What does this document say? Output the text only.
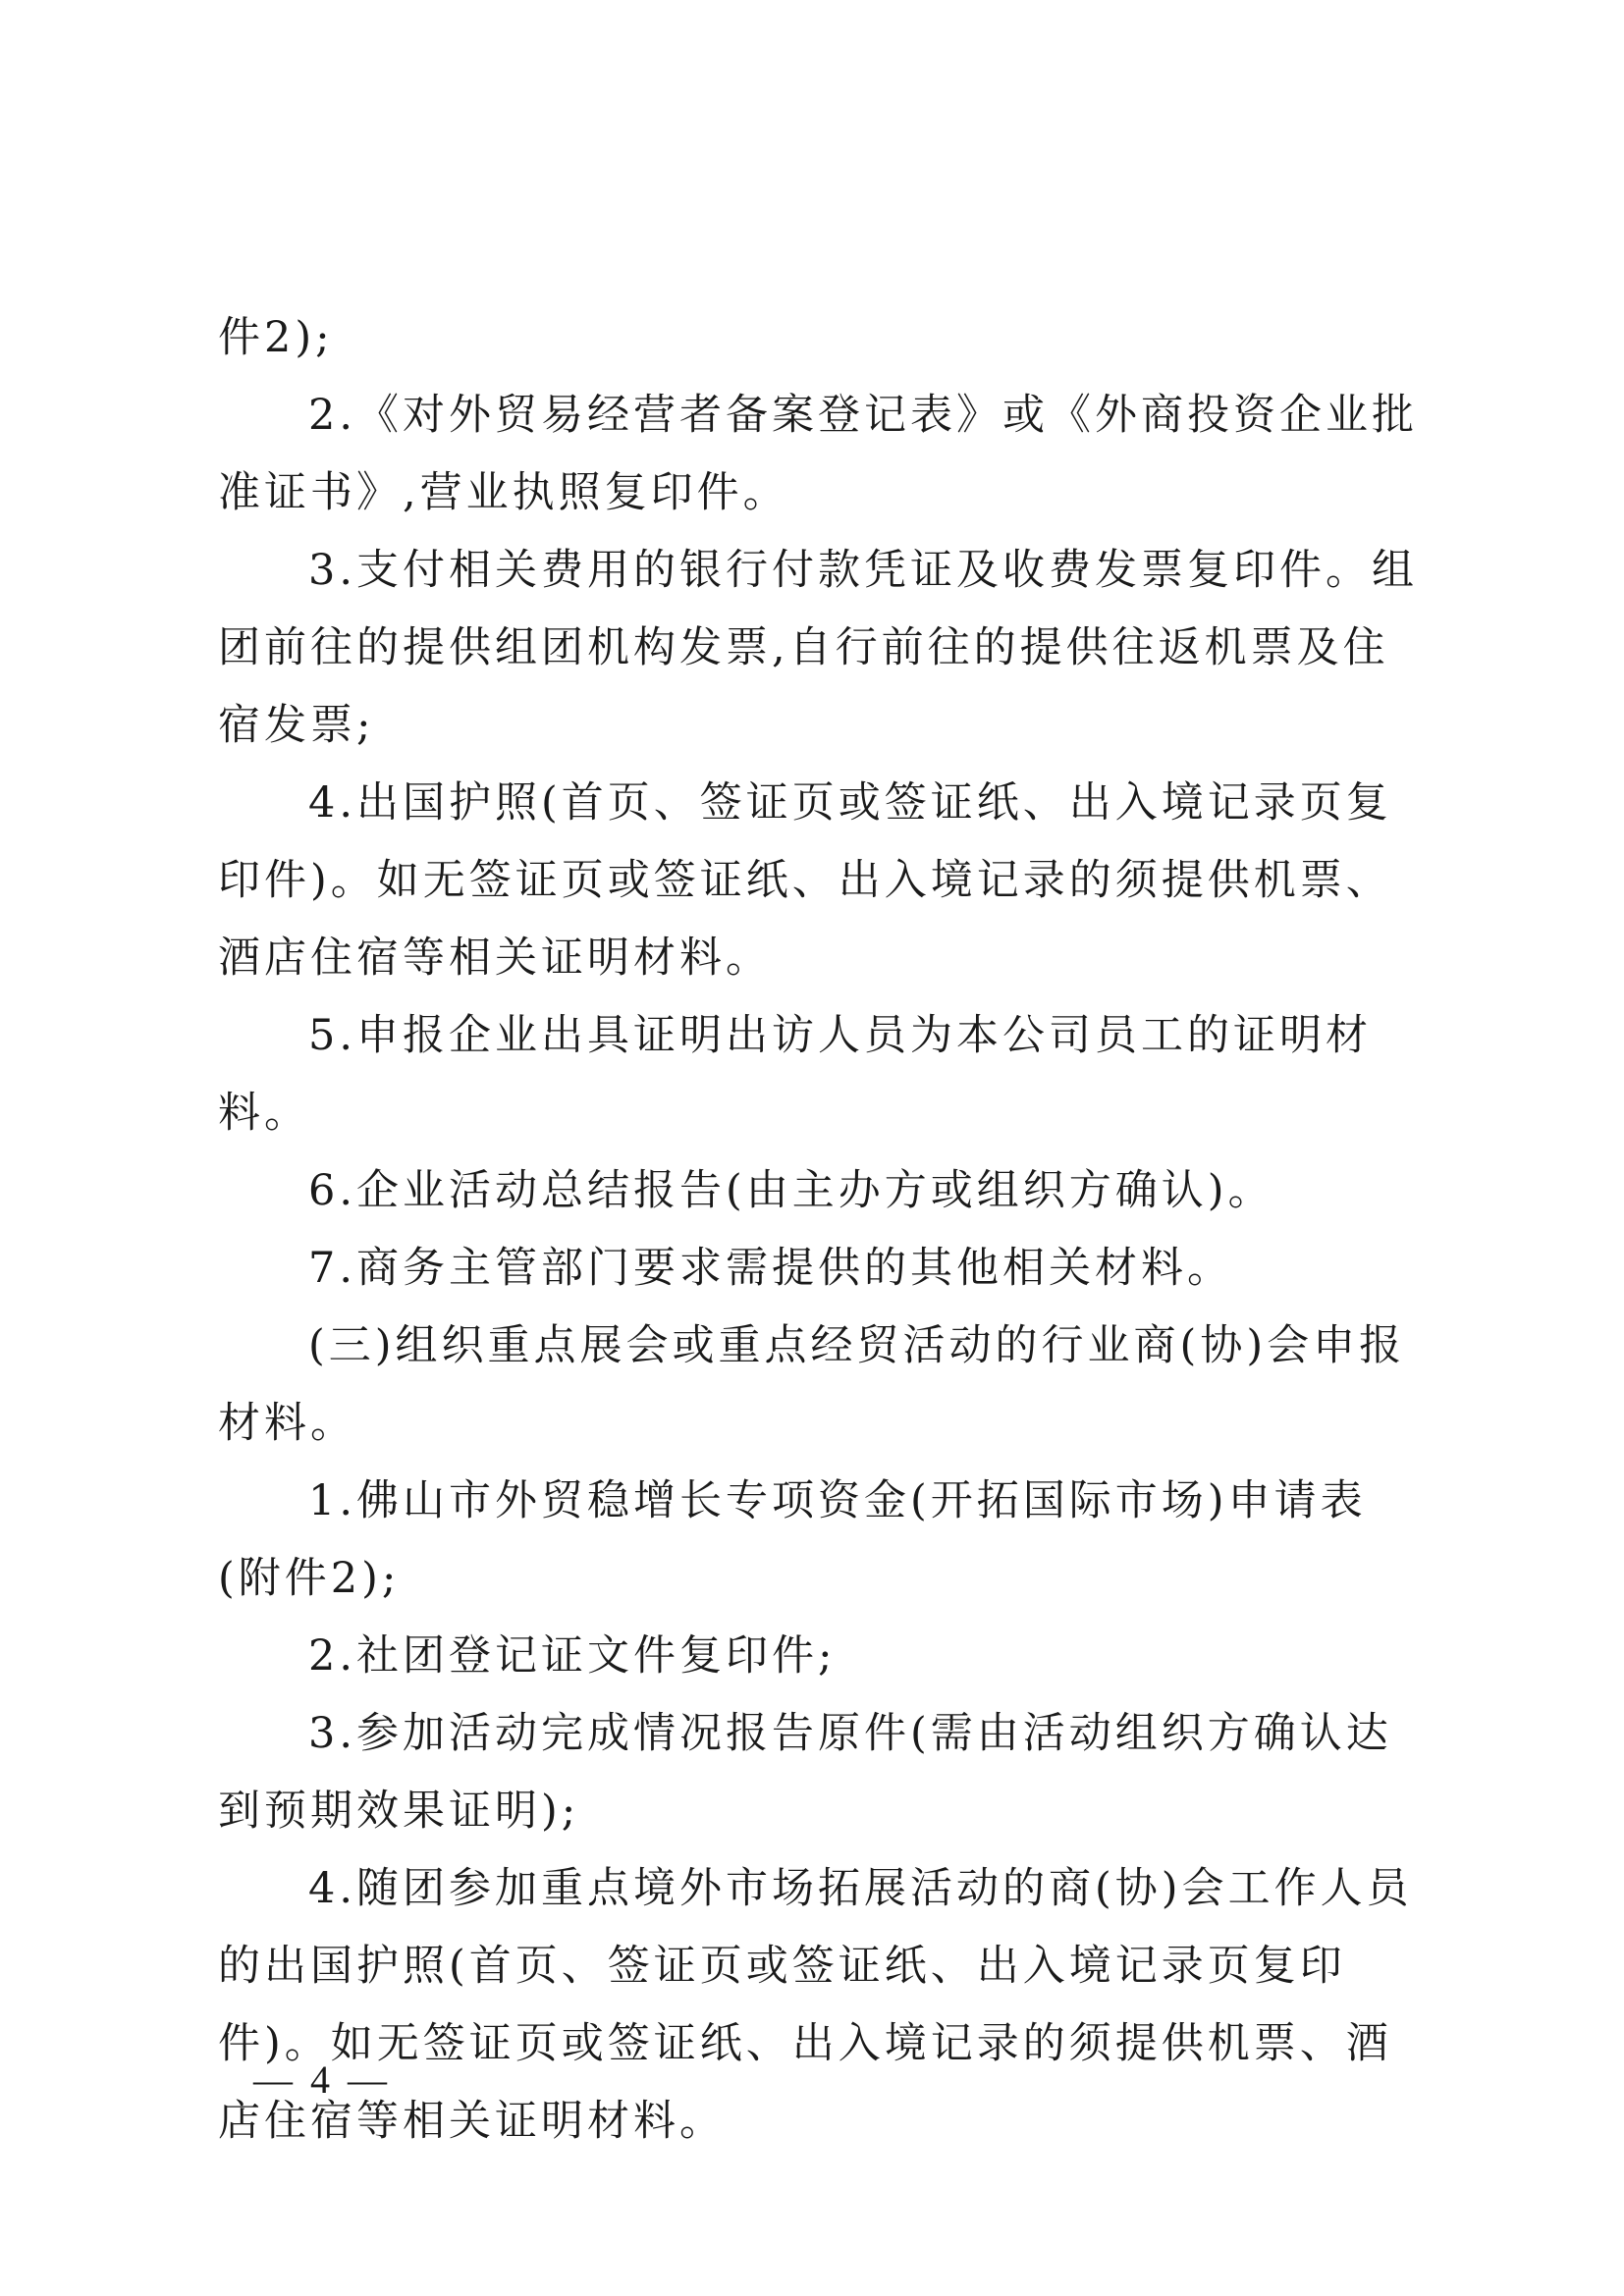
件2);

2.《对外贸易经营者备案登记表》或《外商投资企业批准证书》,营业执照复印件。

3.支付相关费用的银行付款凭证及收费发票复印件。组团前往的提供组团机构发票,自行前往的提供往返机票及住宿发票;

4.出国护照(首页、签证页或签证纸、出入境记录页复印件)。如无签证页或签证纸、出入境记录的须提供机票、酒店住宿等相关证明材料。

5.申报企业出具证明出访人员为本公司员工的证明材料。

6.企业活动总结报告(由主办方或组织方确认)。

7.商务主管部门要求需提供的其他相关材料。

(三)组织重点展会或重点经贸活动的行业商(协)会申报材料。

1.佛山市外贸稳增长专项资金(开拓国际市场)申请表(附件2);

2.社团登记证文件复印件;

3.参加活动完成情况报告原件(需由活动组织方确认达到预期效果证明);

4.随团参加重点境外市场拓展活动的商(协)会工作人员的出国护照(首页、签证页或签证纸、出入境记录页复印件)。如无签证页或签证纸、出入境记录的须提供机票、酒店住宿等相关证明材料。

— 4 —
